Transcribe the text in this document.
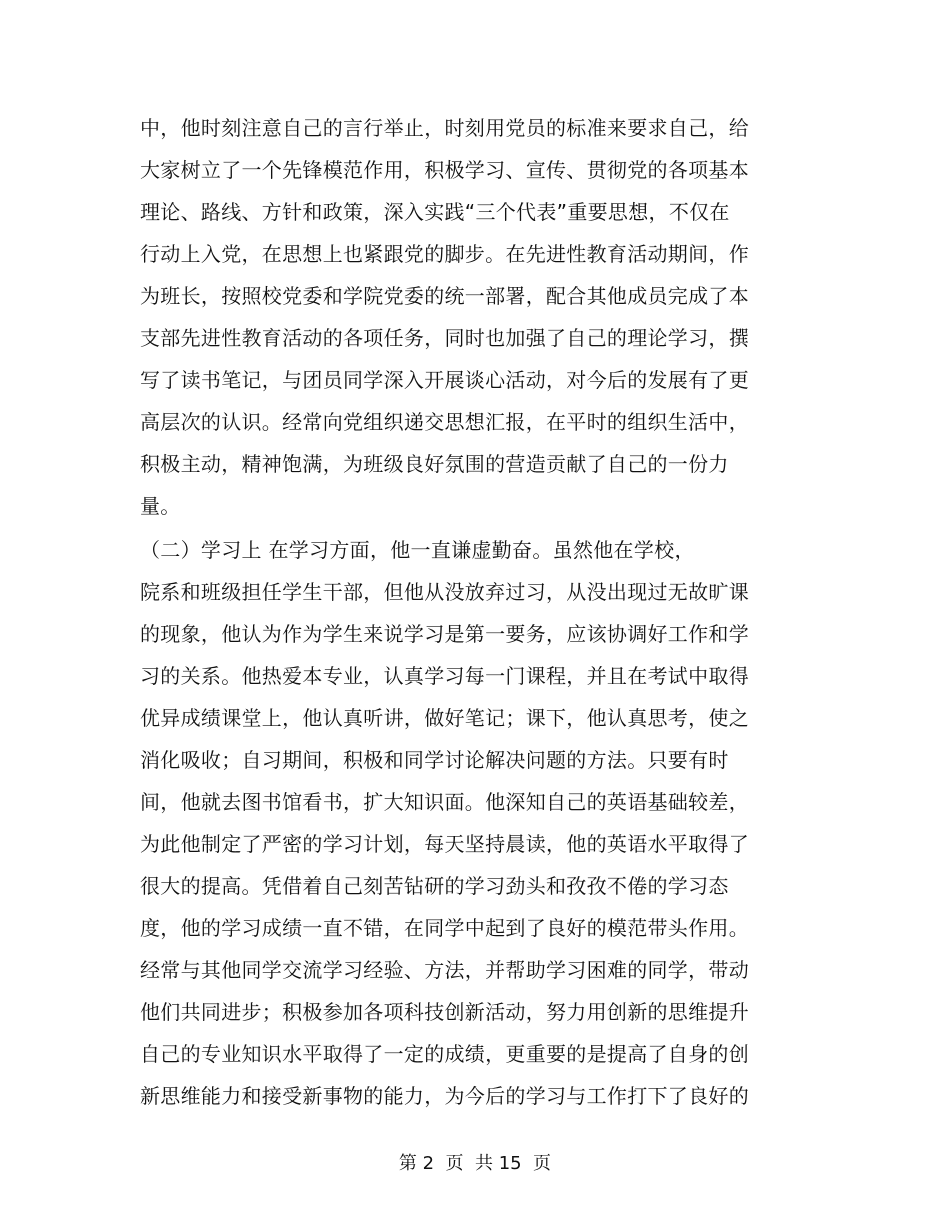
中，他时刻注意自己的言行举止，时刻用党员的标准来要求自己，给
大家树立了一个先锋模范作用，积极学习、宣传、贯彻党的各项基本
理论、路线、方针和政策，深入实践“三个代表”重要思想，不仅在
行动上入党，在思想上也紧跟党的脚步。在先进性教育活动期间，作
为班长，按照校党委和学院党委的统一部署，配合其他成员完成了本
支部先进性教育活动的各项任务，同时也加强了自己的理论学习，撰
写了读书笔记，与团员同学深入开展谈心活动，对今后的发展有了更
高层次的认识。经常向党组织递交思想汇报，在平时的组织生活中，
积极主动，精神饱满，为班级良好氛围的营造贡献了自己的一份力
量。
（二）学习上 在学习方面，他一直谦虚勤奋。虽然他在学校，
院系和班级担任学生干部，但他从没放弃过习，从没出现过无故旷课
的现象，他认为作为学生来说学习是第一要务，应该协调好工作和学
习的关系。他热爱本专业，认真学习每一门课程，并且在考试中取得
优异成绩课堂上，他认真听讲，做好笔记；课下，他认真思考，使之
消化吸收；自习期间，积极和同学讨论解决问题的方法。只要有时
间，他就去图书馆看书，扩大知识面。他深知自己的英语基础较差，
为此他制定了严密的学习计划，每天坚持晨读，他的英语水平取得了
很大的提高。凭借着自己刻苦钻研的学习劲头和孜孜不倦的学习态
度，他的学习成绩一直不错，在同学中起到了良好的模范带头作用。
经常与其他同学交流学习经验、方法，并帮助学习困难的同学，带动
他们共同进步；积极参加各项科技创新活动，努力用创新的思维提升
自己的专业知识水平取得了一定的成绩，更重要的是提高了自身的创
新思维能力和接受新事物的能力，为今后的学习与工作打下了良好的
第 2  页  共 15  页
